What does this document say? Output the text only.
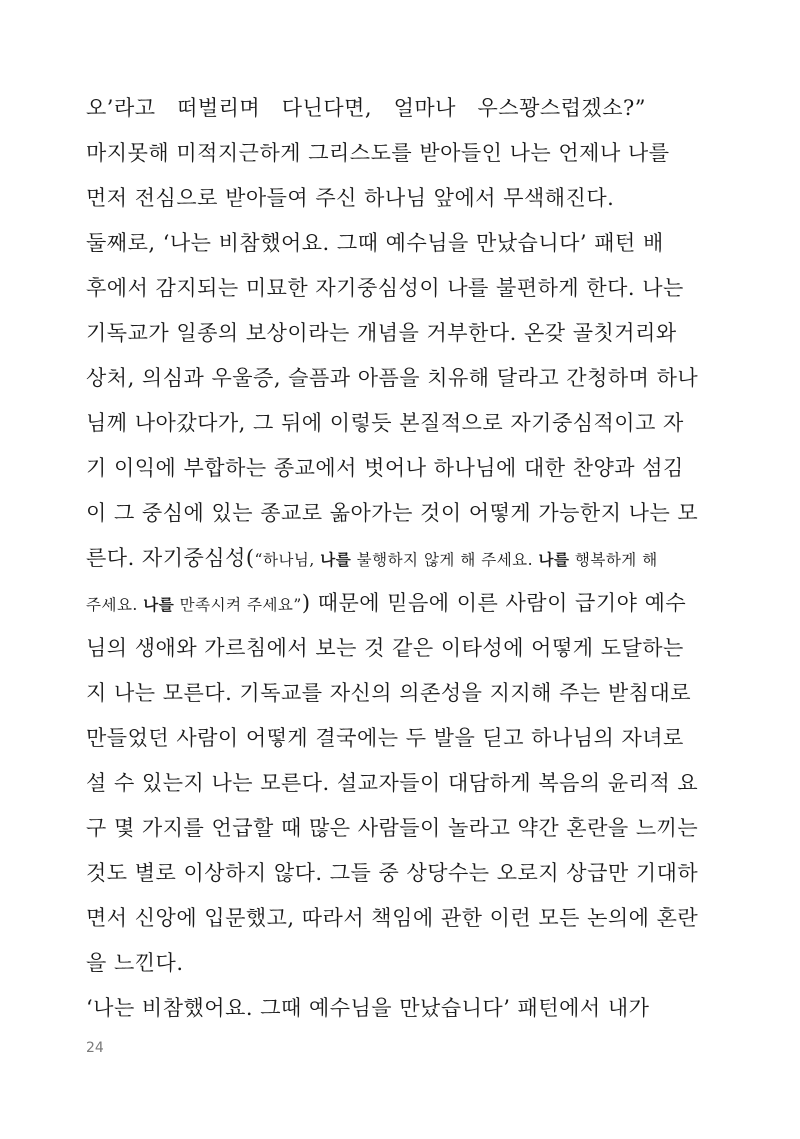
오’라고 떠벌리며 다닌다면, 얼마나 우스꽝스럽겠소?”
마지못해 미적지근하게 그리스도를 받아들인 나는 언제나 나를
먼저 전심으로 받아들여 주신 하나님 앞에서 무색해진다.
둘째로, ‘나는 비참했어요. 그때 예수님을 만났습니다’ 패턴 배
후에서 감지되는 미묘한 자기중심성이 나를 불편하게 한다. 나는
기독교가 일종의 보상이라는 개념을 거부한다. 온갖 골칫거리와
상처, 의심과 우울증, 슬픔과 아픔을 치유해 달라고 간청하며 하나
님께 나아갔다가, 그 뒤에 이렇듯 본질적으로 자기중심적이고 자
기 이익에 부합하는 종교에서 벗어나 하나님에 대한 찬양과 섬김
이 그 중심에 있는 종교로 옮아가는 것이 어떻게 가능한지 나는 모
른다. 자기중심성(“하나님, 나를 불행하지 않게 해 주세요. 나를 행복하게 해
주세요. 나를 만족시켜 주세요”) 때문에 믿음에 이른 사람이 급기야 예수
님의 생애와 가르침에서 보는 것 같은 이타성에 어떻게 도달하는
지 나는 모른다. 기독교를 자신의 의존성을 지지해 주는 받침대로
만들었던 사람이 어떻게 결국에는 두 발을 딛고 하나님의 자녀로
설 수 있는지 나는 모른다. 설교자들이 대담하게 복음의 윤리적 요
구 몇 가지를 언급할 때 많은 사람들이 놀라고 약간 혼란을 느끼는
것도 별로 이상하지 않다. 그들 중 상당수는 오로지 상급만 기대하
면서 신앙에 입문했고, 따라서 책임에 관한 이런 모든 논의에 혼란
을 느낀다.
‘나는 비참했어요. 그때 예수님을 만났습니다’ 패턴에서 내가
24
